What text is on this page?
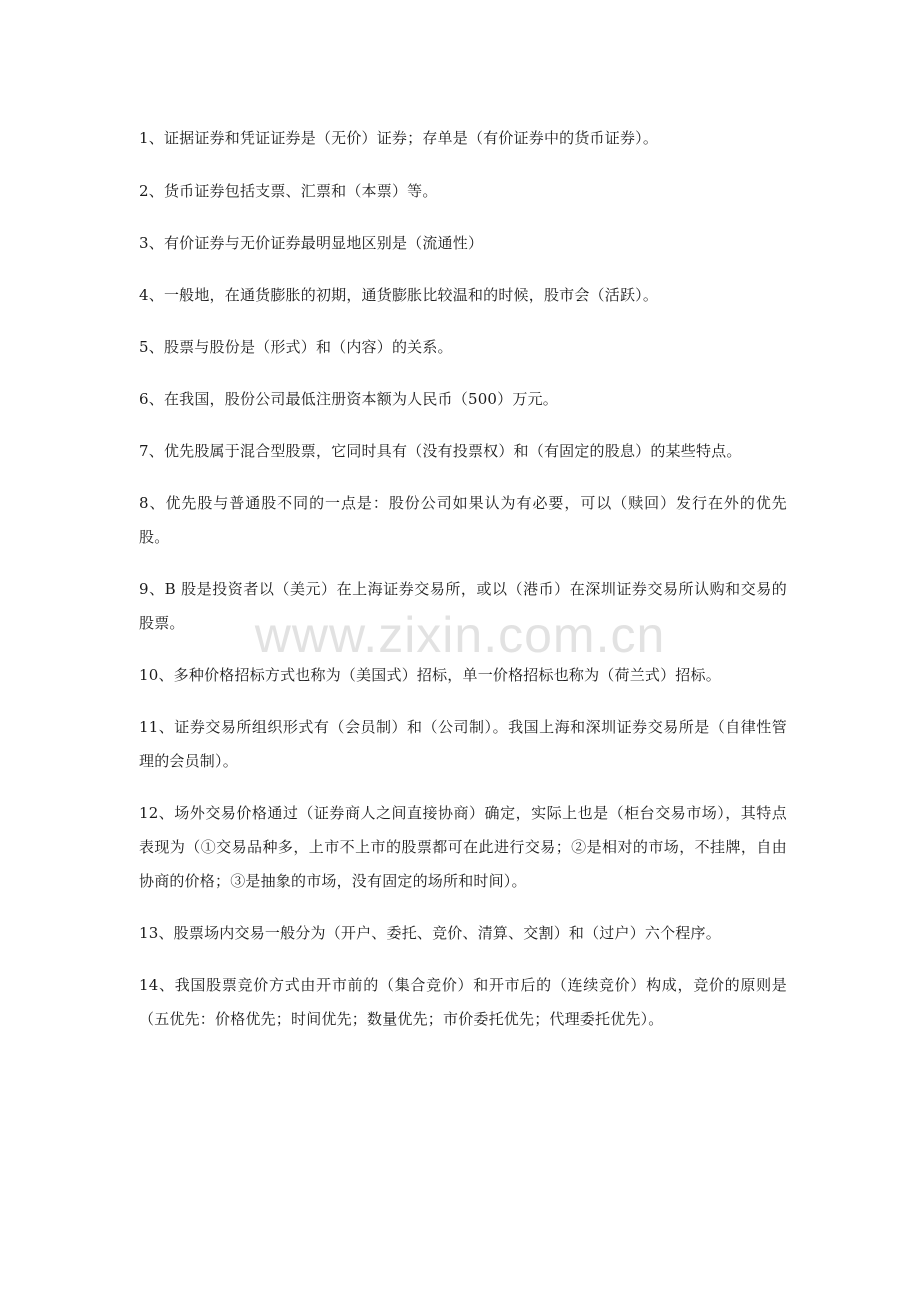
1、证据证券和凭证证券是（无价）证券；存单是（有价证券中的货币证券）。

2、货币证券包括支票、汇票和（本票）等。

3、有价证券与无价证券最明显地区别是（流通性）

4、一般地，在通货膨胀的初期，通货膨胀比较温和的时候，股市会（活跃）。

5、股票与股份是（形式）和（内容）的关系。

6、在我国，股份公司最低注册资本额为人民币（500）万元。

7、优先股属于混合型股票，它同时具有（没有投票权）和（有固定的股息）的某些特点。

8、优先股与普通股不同的一点是：股份公司如果认为有必要，可以（赎回）发行在外的优先股。

9、B 股是投资者以（美元）在上海证券交易所，或以（港币）在深圳证券交易所认购和交易的股票。

10、多种价格招标方式也称为（美国式）招标，单一价格招标也称为（荷兰式）招标。

11、证券交易所组织形式有（会员制）和（公司制）。我国上海和深圳证券交易所是（自律性管理的会员制）。

12、场外交易价格通过（证券商人之间直接协商）确定，实际上也是（柜台交易市场），其特点表现为（①交易品种多，上市不上市的股票都可在此进行交易；②是相对的市场，不挂牌，自由协商的价格；③是抽象的市场，没有固定的场所和时间）。

13、股票场内交易一般分为（开户、委托、竞价、清算、交割）和（过户）六个程序。

14、我国股票竞价方式由开市前的（集合竞价）和开市后的（连续竞价）构成，竞价的原则是（五优先：价格优先；时间优先；数量优先；市价委托优先；代理委托优先）。

www.zixin.com.cn
